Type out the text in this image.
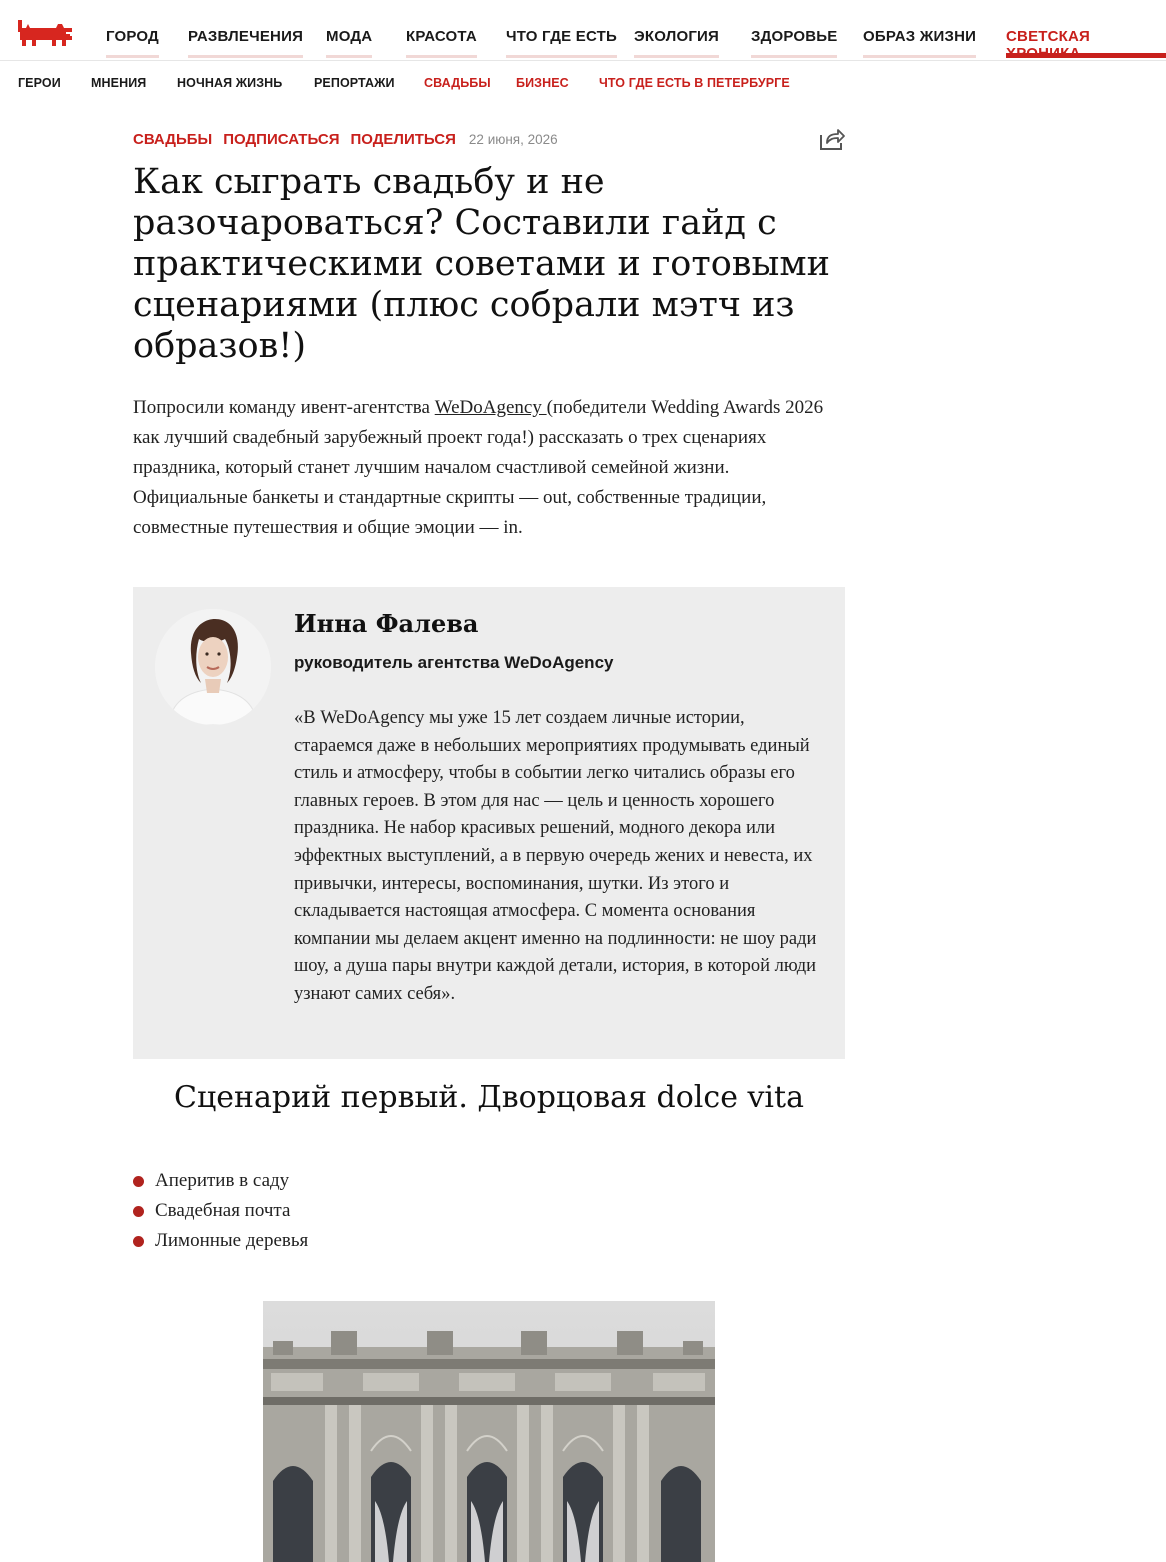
ГОРОД РАЗВЛЕЧЕНИЯ МОДА КРАСОТА ЧТО ГДЕ ЕСТЬ ЭКОЛОГИЯ ЗДОРОВЬЕ ОБРАЗ ЖИЗНИ СВЕТСКАЯ
ГЕРОИ МНЕНИЯ НОЧНАЯ ЖИЗНЬ	РЕПОРТАЖИ СВАДЬБЫ БИЗНЕС ЧТО ГДЕ ЕСТЬ В ПЕТЕРБУРГЕ
СВАДЬБЫ ПОДПИСАТЬСЯ ПОДЕЛИТЬСЯ 22 июня, 2026
Как сыграть свадьбу и не разочароваться? Составили гайд с практическими советами и готовыми сценариями (плюс собрали мэтч из образов!)

Попросили команду ивент-агентства WeDoAgency (победители Wedding Awards 2026 как лучший свадебный зарубежный проект года!) рассказать о трех сценариях праздника, который станет лучшим началом счастливой семейной жизни. Официальные банкеты и стандартные скрипты — out, собственные традиции, совместные путешествия и общие эмоции — in.

Инна Фалева
руководитель агентства WeDoAgency

«В WeDoAgency мы уже 15 лет создаем личные истории, стараемся даже в небольших мероприятиях продумывать единый стиль и атмосферу, чтобы в событии легко читались образы его главных героев. В этом для нас — цель и ценность хорошего праздника. Не набор красивых решений, модного декора или эффектных выступлений, а в первую очередь жених и невеста, их привычки, интересы, воспоминания, шутки. Из этого и складывается настоящая атмосфера. С момента основания компании мы делаем акцент именно на подлинности: не шоу ради шоу, а душа пары внутри каждой детали, история, в которой люди узнают самих себя».

Сценарий первый. Дворцовая dolce vita
Аперитив в саду
Свадебная почта
Лимонные деревья
